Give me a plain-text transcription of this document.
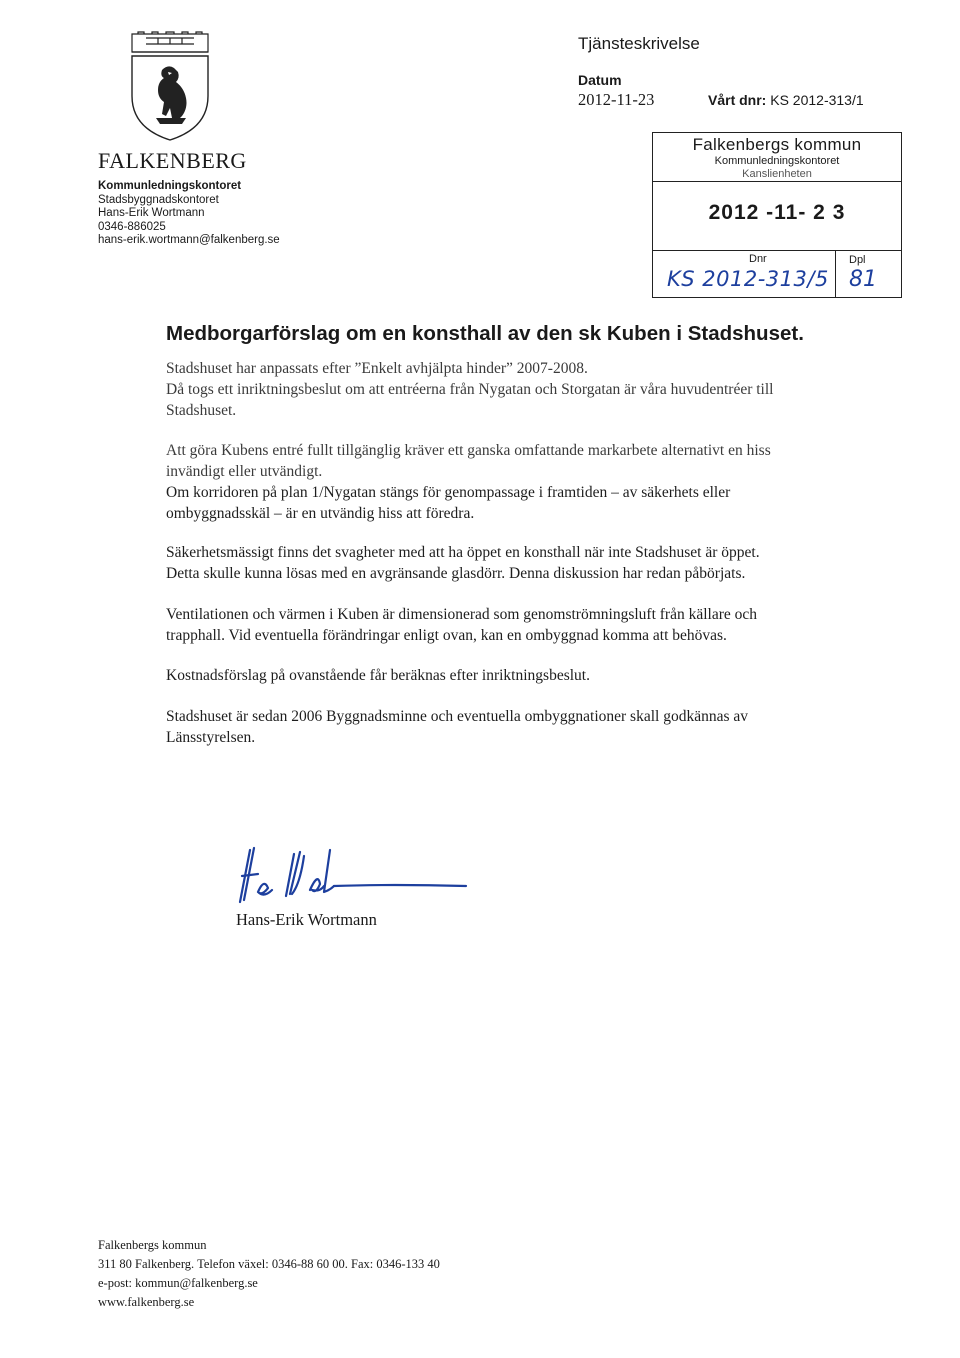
FALKENBERG
Kommunledningskontoret
Stadsbyggnadskontoret
Hans-Erik Wortmann
0346-886025
hans-erik.wortmann@falkenberg.se
Tjänsteskrivelse
Datum
2012-11-23	Vårt dnr: KS 2012-313/1
Falkenbergs kommun
Kommunledningskontoret
Kanslienheten
2012 -11- 2 3
Dnr	Dpl
KS 2012-313/5 81
Medborgarförslag om en konsthall av den sk Kuben i Stadshuset.
Stadshuset har anpassats efter ”Enkelt avhjälpta hinder” 2007-2008.
Då togs ett inriktningsbeslut om att entréerna från Nygatan och Storgatan är våra huvudentréer till
Stadshuset.
Att göra Kubens entré fullt tillgänglig kräver ett ganska omfattande markarbete alternativt en hiss
invändigt eller utvändigt.
Om korridoren på plan 1/Nygatan stängs för genompassage i framtiden – av säkerhets eller
ombyggnadsskäl – är en utvändig hiss att föredra.
Säkerhetsmässigt finns det svagheter med att ha öppet en konsthall när inte Stadshuset är öppet.
Detta skulle kunna lösas med en avgränsande glasdörr. Denna diskussion har redan påbörjats.
Ventilationen och värmen i Kuben är dimensionerad som genomströmningsluft från källare och
trapphall. Vid eventuella förändringar enligt ovan, kan en ombyggnad komma att behövas.
Kostnadsförslag på ovanstående får beräknas efter inriktningsbeslut.
Stadshuset är sedan 2006 Byggnadsminne och eventuella ombyggnationer skall godkännas av
Länsstyrelsen.
Hans-Erik Wortmann
Falkenbergs kommun
311 80 Falkenberg. Telefon växel: 0346-88 60 00. Fax: 0346-133 40
e-post: kommun@falkenberg.se
www.falkenberg.se
